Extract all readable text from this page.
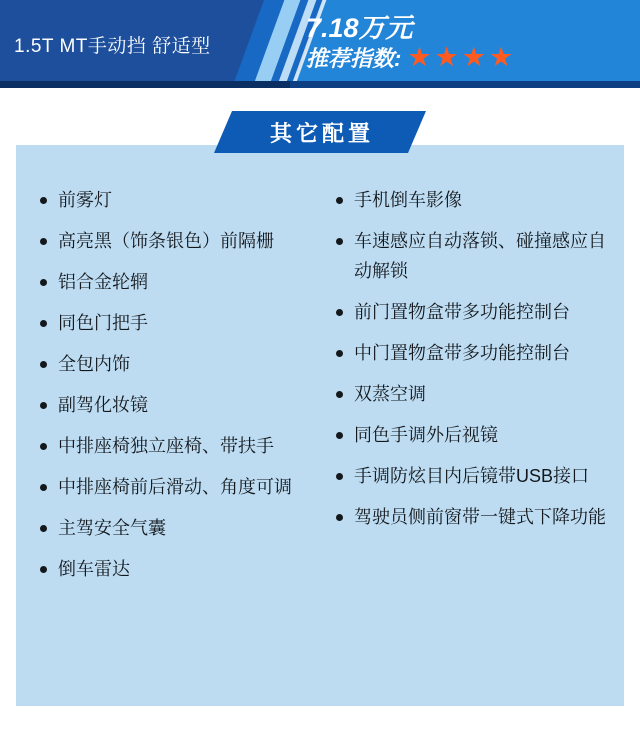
1.5T MT手动挡 舒适型
7.18万元
推荐指数: ★ ★ ★ ★
前雾灯
高亮黑（饰条银色）前隔栅
铝合金轮辋
同色门把手
全包内饰
副驾化妆镜
中排座椅独立座椅、带扶手
中排座椅前后滑动、角度可调
主驾安全气囊
倒车雷达
手机倒车影像
车速感应自动落锁、碰撞感应自动解锁
前门置物盒带多功能控制台
中门置物盒带多功能控制台
双蒸空调
同色手调外后视镜
手调防炫目内后镜带USB接口
驾驶员侧前窗带一键式下降功能
其它配置
